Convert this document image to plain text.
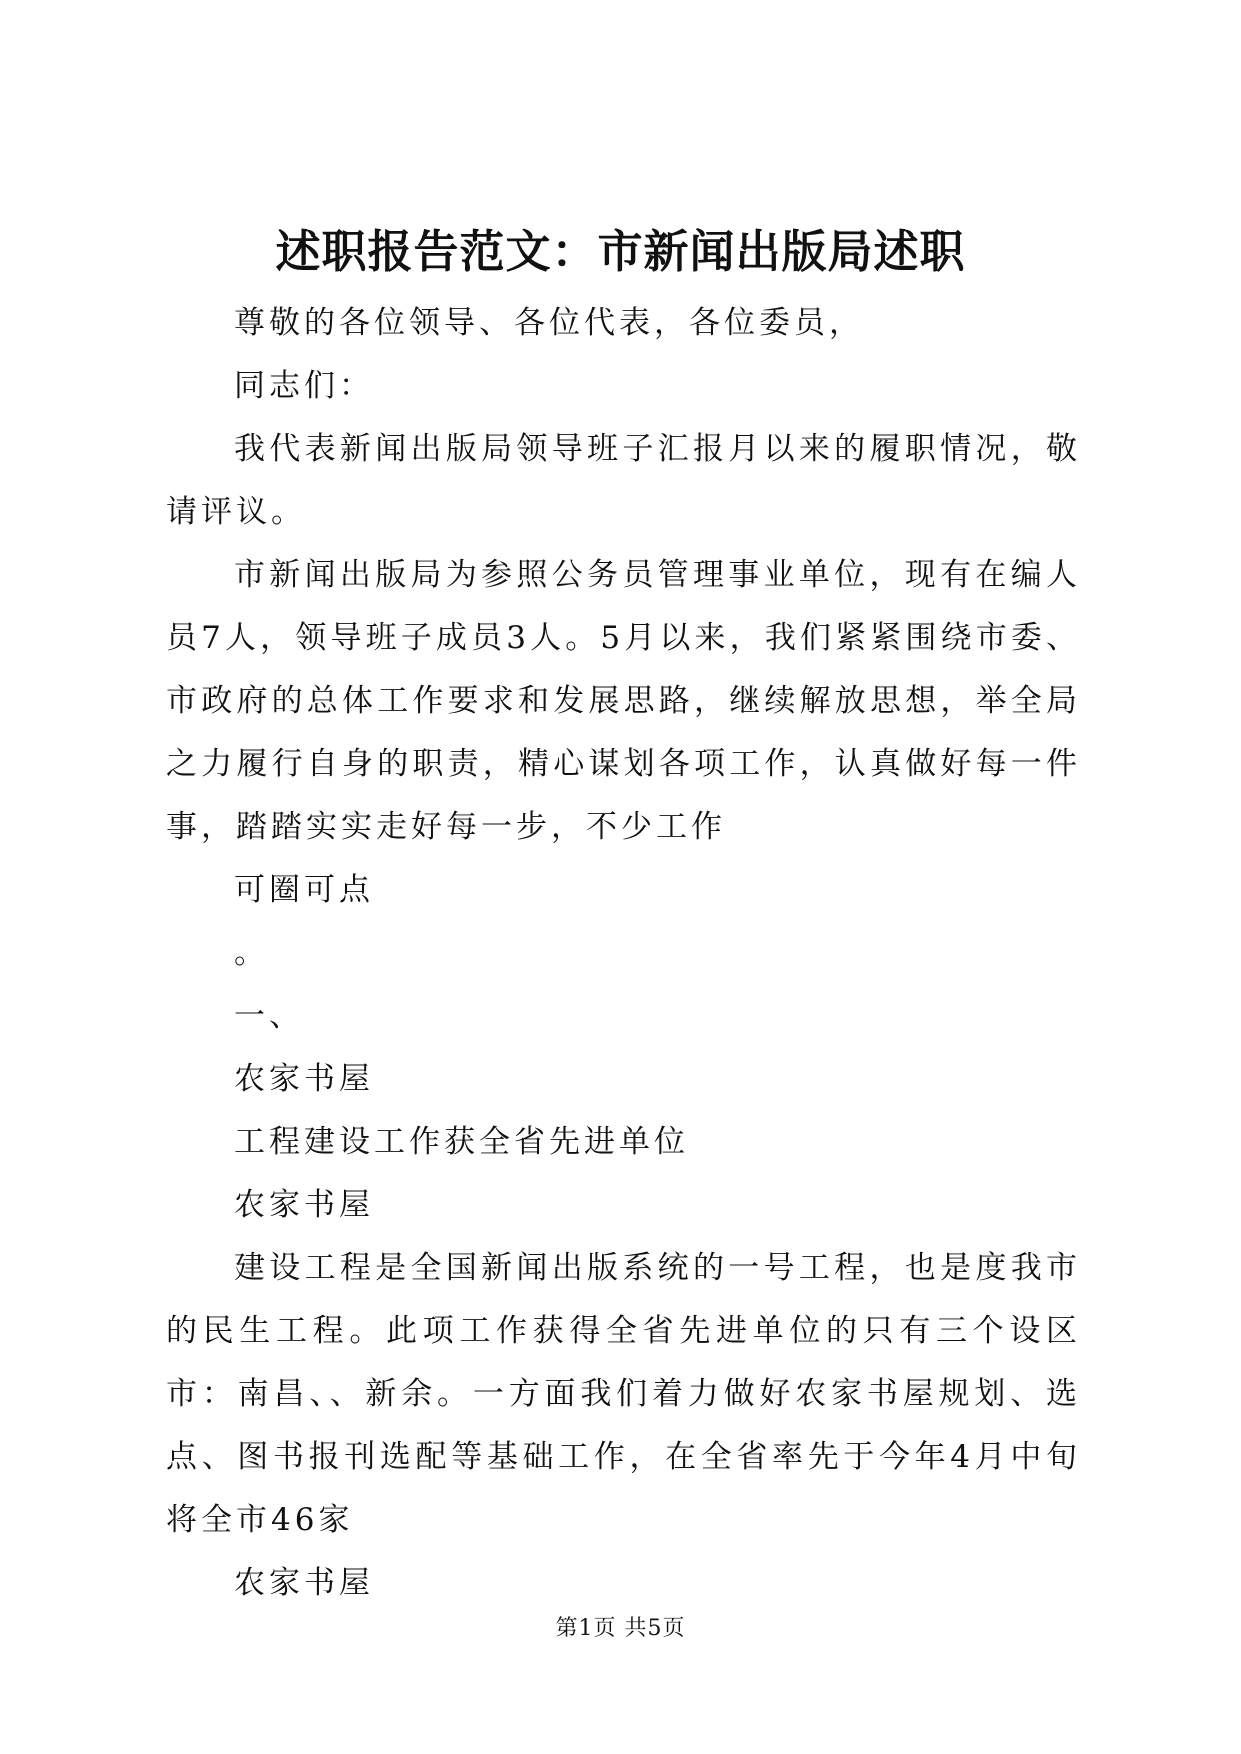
述职报告范文：市新闻出版局述职

尊敬的各位领导、各位代表，各位委员，

同志们：

我代表新闻出版局领导班子汇报月以来的履职情况，敬请评议。

市新闻出版局为参照公务员管理事业单位，现有在编人员7人，领导班子成员3人。5月以来，我们紧紧围绕市委、市政府的总体工作要求和发展思路，继续解放思想，举全局之力履行自身的职责，精心谋划各项工作，认真做好每一件事，踏踏实实走好每一步，不少工作

可圈可点

。

一、

农家书屋

工程建设工作获全省先进单位

农家书屋

建设工程是全国新闻出版系统的一号工程，也是度我市的民生工程。此项工作获得全省先进单位的只有三个设区市：南昌、、新余。一方面我们着力做好农家书屋规划、选点、图书报刊选配等基础工作，在全省率先于今年4月中旬将全市46家

农家书屋

第1页 共5页
